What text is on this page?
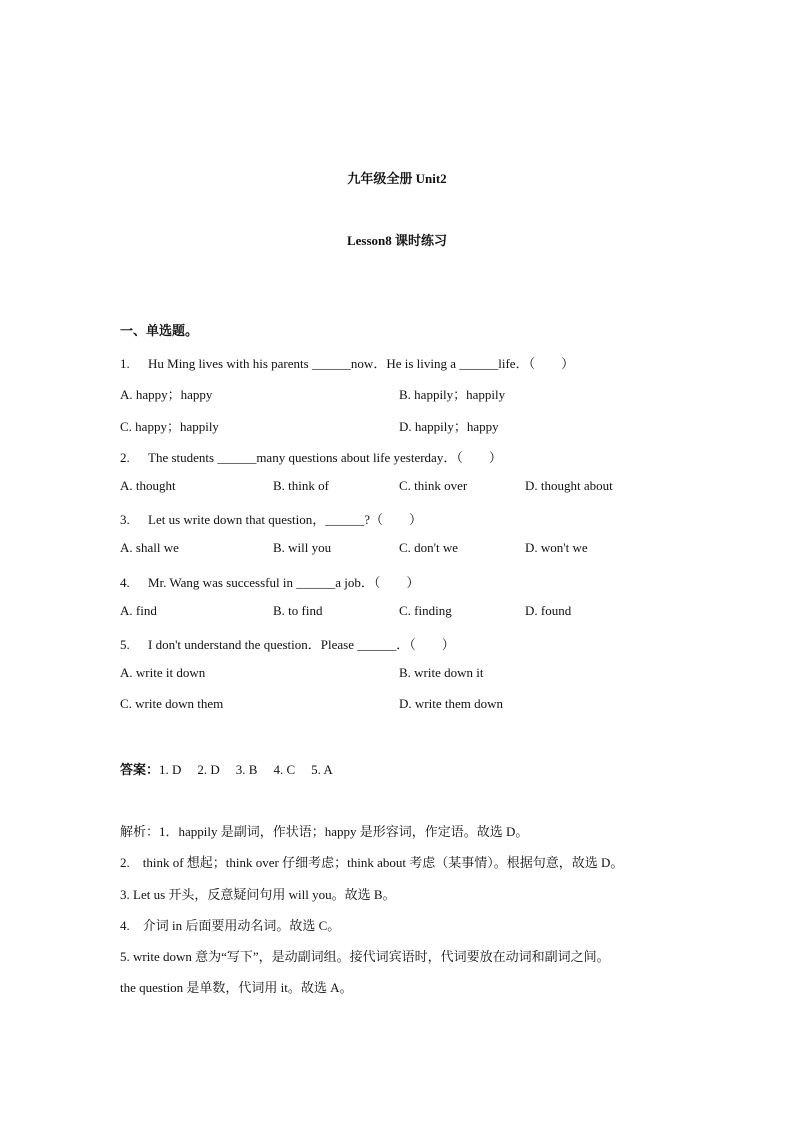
九年级全册 Unit2
Lesson8 课时练习
一、单选题。
1. Hu Ming lives with his parents ______now．He is living a ______life．（　　）
A. happy；happy	B. happily；happily
C. happy；happily	D. happily；happy
2. The students ______many questions about life yesterday．（　　）
A. thought	B. think of	C. think over	D. thought about
3. Let us write down that question，______?（　　）
A. shall we	B. will you	C. don't we	D. won't we
4. Mr. Wang was successful in ______a job．（　　）
A. find	B. to find	C. finding	D. found
5. I don't understand the question．Please ______．（　　）
A. write it down	B. write down it
C. write down them	D. write them down
答案：1. D 2. D 3. B 4. C 5. A
解析：1．happily 是副词，作状语；happy 是形容词，作定语。故选 D。
2.　think of 想起；think over 仔细考虑；think about 考虑（某事情）。根据句意，故选 D。
3. Let us 开头，反意疑问句用 will you。故选 B。
4.　介词 in 后面要用动名词。故选 C。
5. write down 意为“写下”，是动副词组。接代词宾语时，代词要放在动词和副词之间。
the question 是单数，代词用 it。故选 A。
